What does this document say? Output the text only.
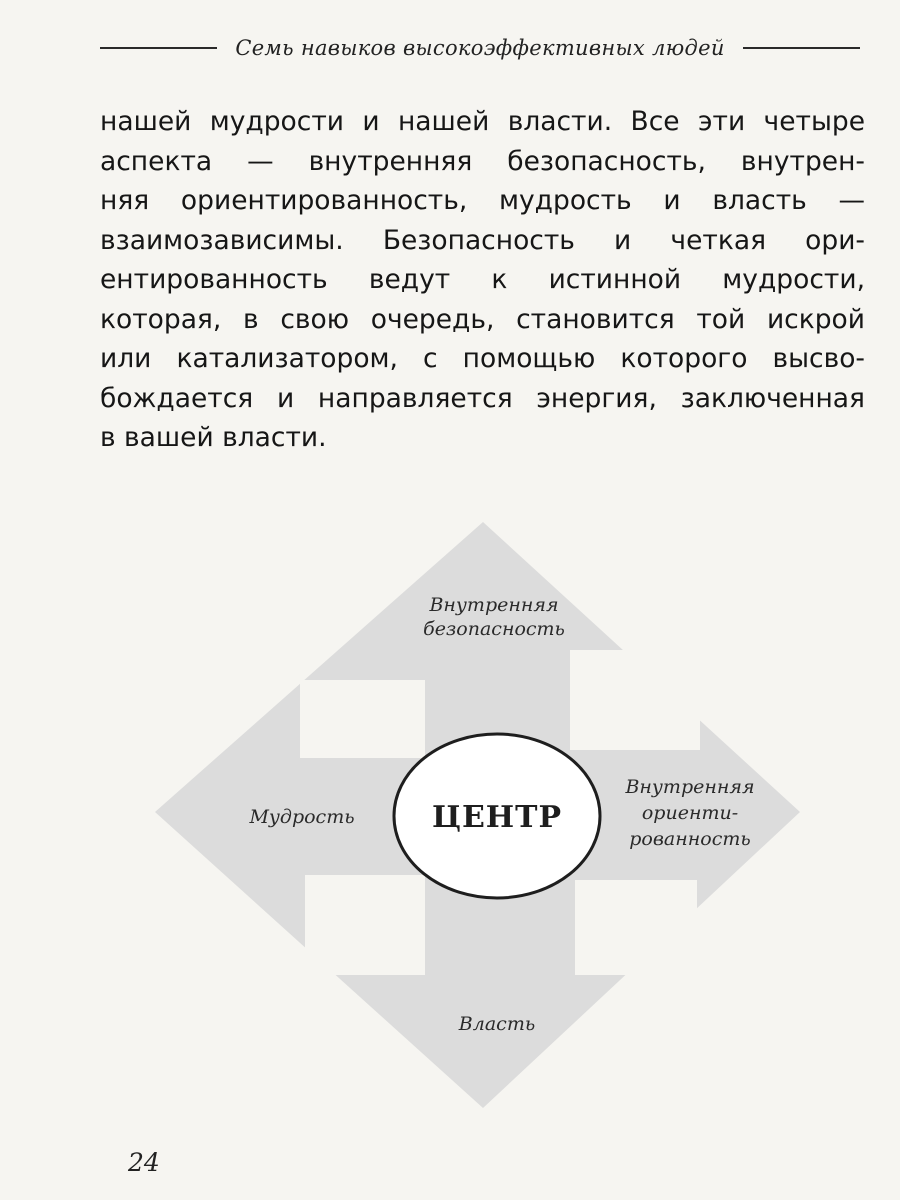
Семь навыков высокоэффективных людей
нашей мудрости и нашей власти. Все эти четыре
аспекта — внутренняя безопасность, внутрен-
няя ориентированность, мудрость и власть —
взаимозависимы. Безопасность и четкая ори-
ентированность ведут к истинной мудрости,
которая, в свою очередь, становится той искрой
или катализатором, с помощью которого высво-
бождается и направляется энергия, заключенная
в вашей власти.
ЦЕНТР
Внутренняя
безопасность
Внутренняя
ориенти-
рованность
Мудрость
Власть
24
